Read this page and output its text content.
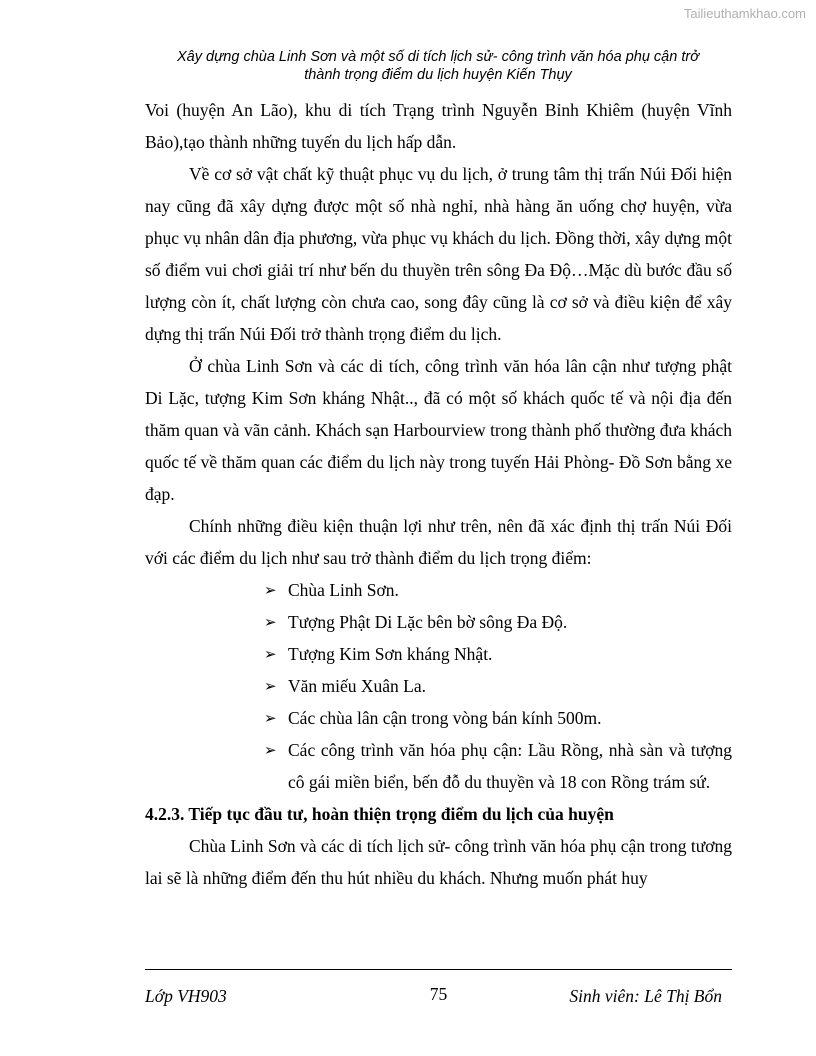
Tailieuthamkhao.com
Xây dựng chùa Linh Sơn và một số di tích lịch sử- công trình văn hóa phụ cận trở
thành trọng điểm du lịch huyện Kiến Thụy

Voi (huyện An Lão), khu di tích Trạng trình Nguyễn Bỉnh Khiêm (huyện Vĩnh Bảo),tạo thành những tuyến du lịch hấp dẫn.

Về cơ sở vật chất kỹ thuật phục vụ du lịch, ở trung tâm thị trấn Núi Đối hiện nay cũng đã xây dựng được một số nhà nghỉ, nhà hàng ăn uống chợ huyện, vừa phục vụ nhân dân địa phương, vừa phục vụ khách du lịch. Đồng thời, xây dựng một số điểm vui chơi giải trí như bến du thuyền trên sông Đa Độ…Mặc dù bước đầu số lượng còn ít, chất lượng còn chưa cao, song đây cũng là cơ sở và điều kiện để xây dựng thị trấn Núi Đối trở thành trọng điểm du lịch.

Ở chùa Linh Sơn và các di tích, công trình văn hóa lân cận như tượng phật Di Lặc, tượng Kim Sơn kháng Nhật.., đã có một số khách quốc tế và nội địa đến thăm quan và vãn cảnh. Khách sạn Harbourview trong thành phố thường đưa khách quốc tế về thăm quan các điểm du lịch này trong tuyến Hải Phòng- Đồ Sơn bằng xe đạp.

Chính những điều kiện thuận lợi như trên, nên đã xác định thị trấn Núi Đối với các điểm du lịch như sau trở thành điểm du lịch trọng điểm:

➢ Chùa Linh Sơn.
➢ Tượng Phật Di Lặc bên bờ sông Đa Độ.
➢ Tượng Kim Sơn kháng Nhật.
➢ Văn miếu Xuân La.
➢ Các chùa lân cận trong vòng bán kính 500m.
➢ Các công trình văn hóa phụ cận: Lầu Rồng, nhà sàn và tượng cô gái miền biển, bến đỗ du thuyền và 18 con Rồng trám sứ.

4.2.3. Tiếp tục đầu tư, hoàn thiện trọng điểm du lịch của huyện

Chùa Linh Sơn và các di tích lịch sử- công trình văn hóa phụ cận trong tương lai sẽ là những điểm đến thu hút nhiều du khách. Nhưng muốn phát huy

Lớp VH903	75	Sinh viên: Lê Thị Bổn
